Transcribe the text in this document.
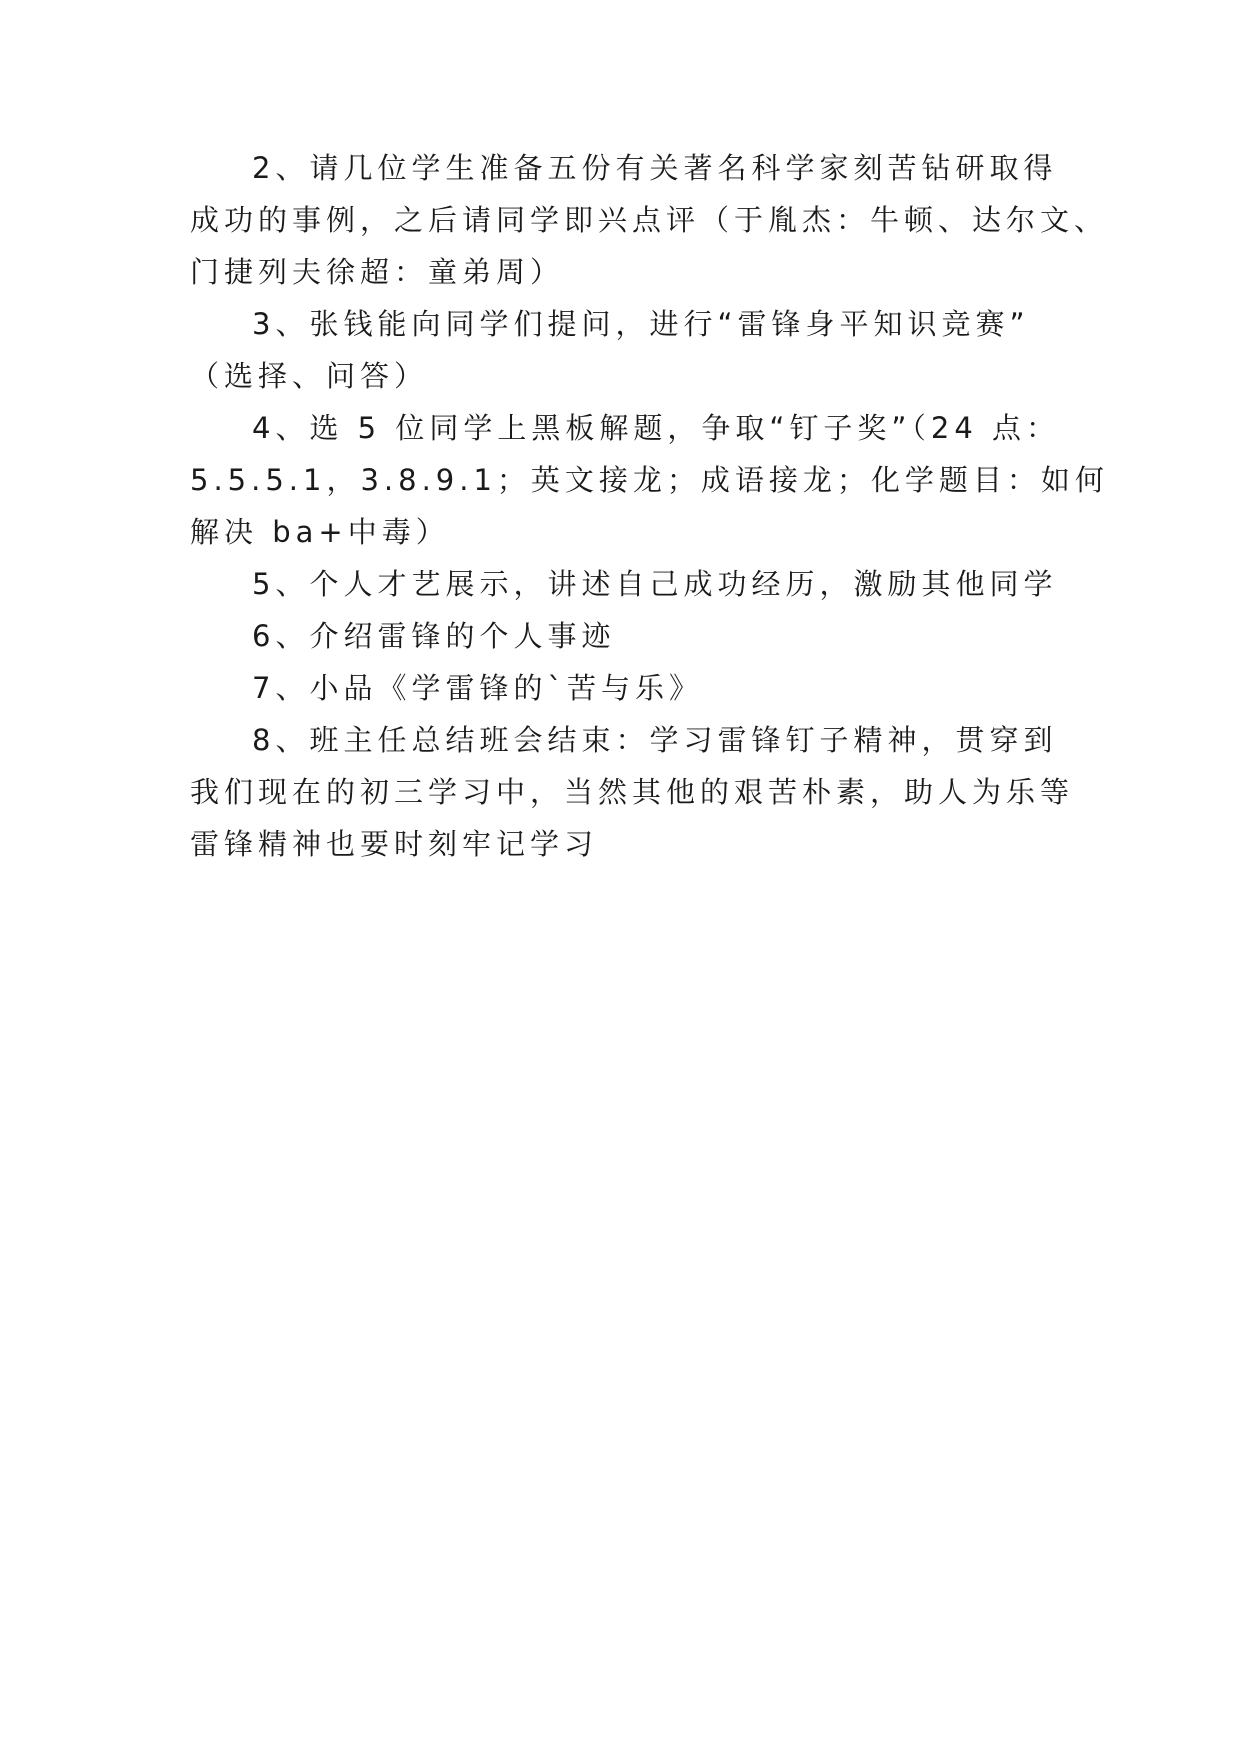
2、请几位学生准备五份有关著名科学家刻苦钻研取得
成功的事例，之后请同学即兴点评（于胤杰：牛顿、达尔文、
门捷列夫徐超：童弟周）
3、张钱能向同学们提问，进行“雷锋身平知识竞赛”
（选择、问答）
4、选 5 位同学上黑板解题，争取“钉子奖”（24 点：
5.5.5.1，3.8.9.1；英文接龙；成语接龙；化学题目：如何
解决 ba+中毒）
5、个人才艺展示，讲述自己成功经历，激励其他同学
6、介绍雷锋的个人事迹
7、小品《学雷锋的`苦与乐》
8、班主任总结班会结束：学习雷锋钉子精神，贯穿到
我们现在的初三学习中，当然其他的艰苦朴素，助人为乐等
雷锋精神也要时刻牢记学习
